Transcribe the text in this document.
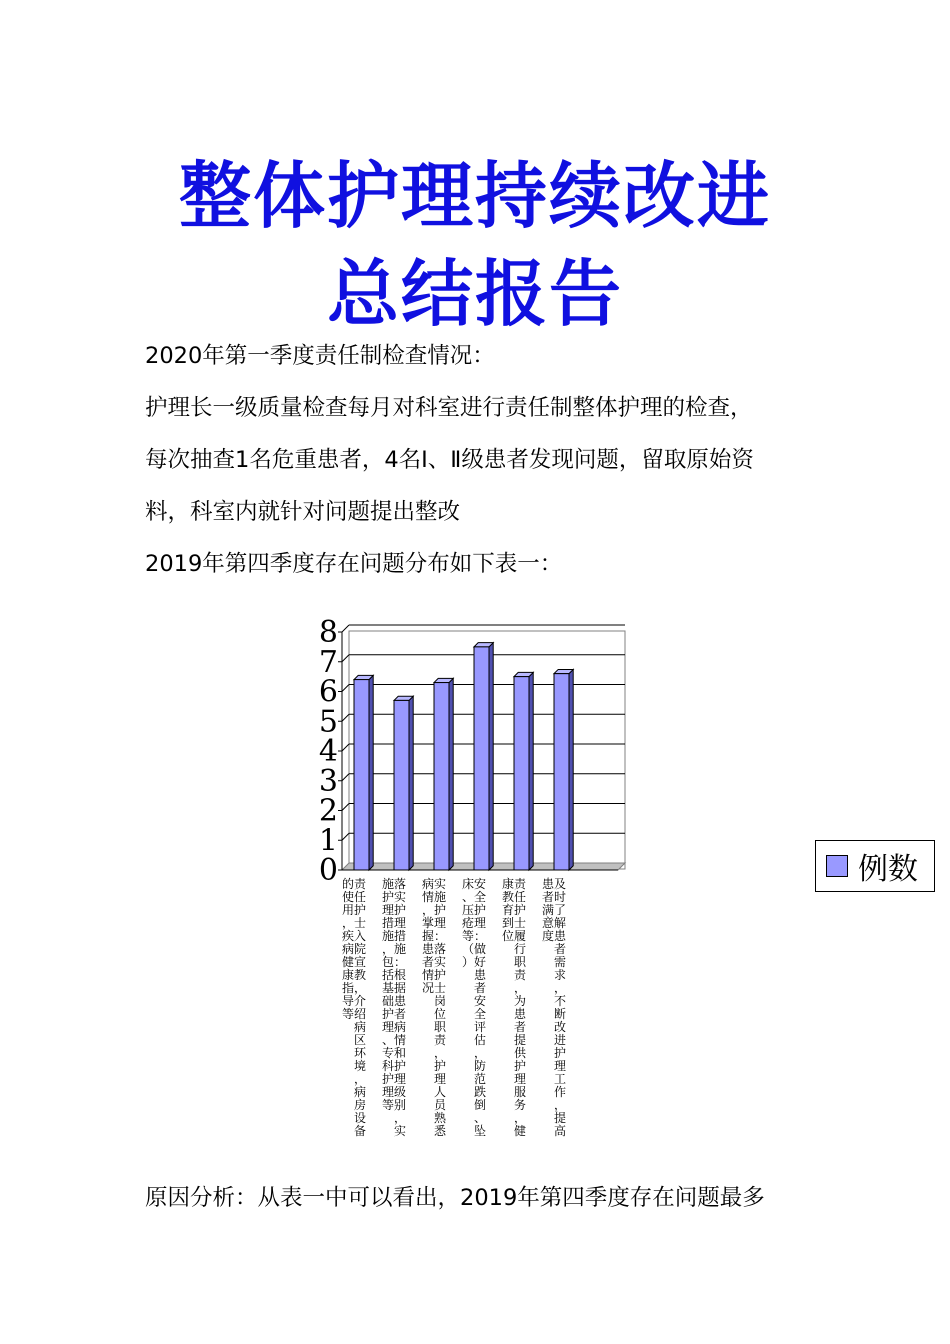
整体护理持续改进
总结报告

2020年第一季度责任制检查情况：

护理长一级质量检查每月对科室进行责任制整体护理的检查，
每次抽查1名危重患者，4名Ⅰ、Ⅱ级患者发现问题，留取原始资
料，科室内就针对问题提出整改
2019年第四季度存在问题分布如下表一：
0
1
2
3
4
5
6
7
8
责任护士入院宣教，介绍病区环境，病房设备的使用，疾病健康指导等
落实护理措施：根据患者病情和护理级别，实施护理措施，包括基础护理、专科护理等
实施护理：落实护士岗位职责，护理人员熟悉病情，掌握患者情况
安全护理：做好患者安全评估，防范跌倒、坠床、压疮等（）
责任护士履行职责，为患者提供护理服务，健康教育到位
及时了解患者需求，不断改进护理工作，提高患者满意度
例数

原因分析：从表一中可以看出，2019年第四季度存在问题最多
